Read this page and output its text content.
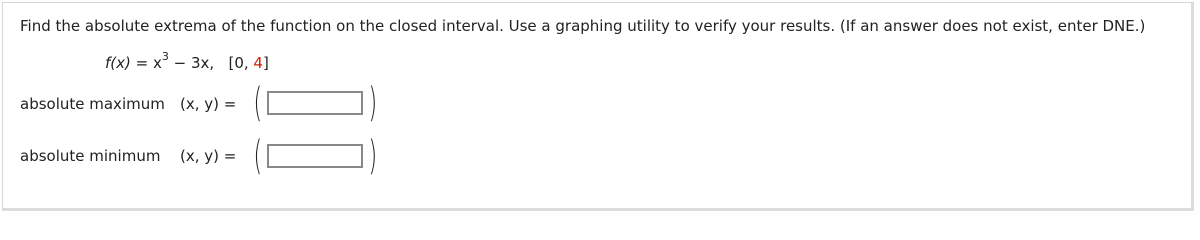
Find the absolute extrema of the function on the closed interval. Use a graphing utility to verify your results. (If an answer does not exist, enter DNE.)
$f(x) = x^3 - 3x$, [0, 4]
absolute maximum (x, y) = (	)
absolute minimum (x, y) = (	)
